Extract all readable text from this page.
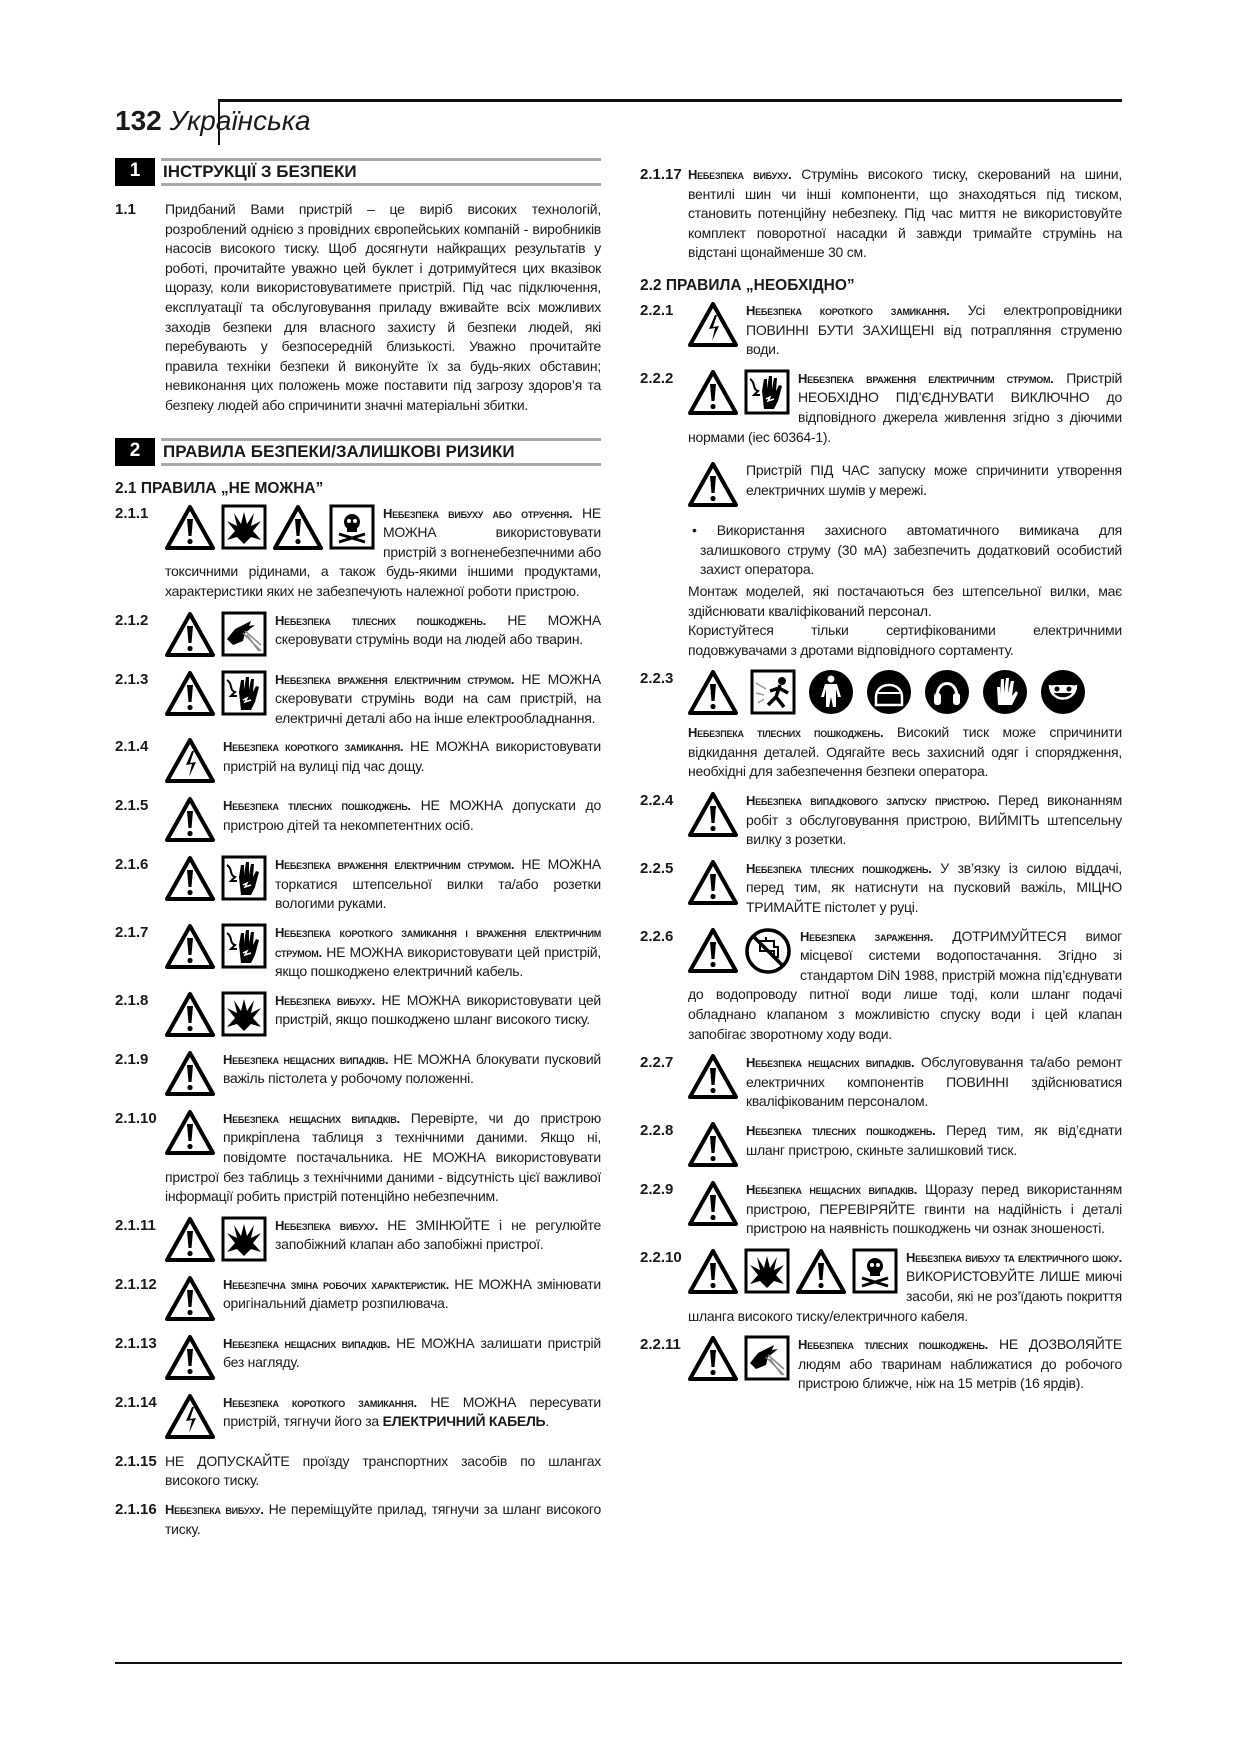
132 Українська
1	ІНСТРУКЦІЇ З БЕЗПЕКИ
1.1 Придбаний Вами пристрій – це виріб високих технологій, розроблений однією з провідних європейських компаній - виробників насосів високого тиску. Щоб досягнути найкращих результатів у роботі, прочитайте уважно цей буклет і дотримуйтеся цих вказівок щоразу, коли використовуватимете пристрій. Під час підключення, експлуатації та обслуговування приладу вживайте всіх можливих заходів безпеки для власного захисту й безпеки людей, які перебувають у безпосередній близькості. Уважно прочитайте правила техніки безпеки й виконуйте їх за будь-яких обставин; невиконання цих положень може поставити під загрозу здоров’я та безпеку людей або спричинити значні матеріальні збитки.
2	ПРАВИЛА БЕЗПЕКИ/ЗАЛИШКОВІ РИЗИКИ
2.1 ПРАВИЛА „НЕ МОЖНА”
2.1.1	Небезпека вибуху або отруєння. НЕ МОЖНА використовувати пристрій з вогненебезпечними або токсичними рідинами, а також будь-якими іншими продуктами, характеристики яких не забезпечують належної роботи пристрою.
2.1.2	Небезпека тілесних пошкоджень. НЕ МОЖНА скеровувати струмінь води на людей або тварин.
2.1.3	Небезпека враження електричним струмом. НЕ МОЖНА скеровувати струмінь води на сам пристрій, на електричні деталі або на інше електрообладнання.
2.1.4	Небезпека короткого замикання. НЕ МОЖНА використовувати пристрій на вулиці під час дощу.
2.1.5	Небезпека тілесних пошкоджень. НЕ МОЖНА допускати до пристрою дітей та некомпетентних осіб.
2.1.6	Небезпека враження електричним струмом. НЕ МОЖНА торкатися штепсельної вилки та/або розетки вологими руками.
2.1.7	Небезпека короткого замикання і враження електричним струмом. НЕ МОЖНА використовувати цей пристрій, якщо пошкоджено електричний кабель.
2.1.8	Небезпека вибуху. НЕ МОЖНА використовувати цей пристрій, якщо пошкоджено шланг високого тиску.
2.1.9	Небезпека нещасних випадків. НЕ МОЖНА блокувати пусковий важіль пістолета у робочому положенні.
2.1.10	Небезпека нещасних випадків. Перевірте, чи до пристрою прикріплена таблиця з технічними даними. Якщо ні, повідомте постачальника. НЕ МОЖНА використовувати пристрої без таблиць з технічними даними - відсутність цієї важливої інформації робить пристрій потенційно небезпечним.
2.1.11	Небезпека вибуху. НЕ ЗМІНЮЙТЕ і не регулюйте запобіжний клапан або запобіжні пристрої.
2.1.12	Небезпечна зміна робочих характеристик. НЕ МОЖНА змінювати оригінальний діаметр розпилювача.
2.1.13	Небезпека нещасних випадків. НЕ МОЖНА залишати пристрій без нагляду.
2.1.14	Небезпека короткого замикання. НЕ МОЖНА пересувати пристрій, тягнучи його за ЕЛЕКТРИЧНИЙ КАБЕЛЬ.
2.1.15 НЕ ДОПУСКАЙТЕ проїзду транспортних засобів по шлангах високого тиску.
2.1.16 Небезпека вибуху. Не переміщуйте прилад, тягнучи за шланг високого тиску.
2.1.17 Небезпека вибуху. Струмінь високого тиску, скерований на шини, вентилі шин чи інші компоненти, що знаходяться під тиском, становить потенційну небезпеку. Під час миття не використовуйте комплект поворотної насадки й завжди тримайте струмінь на відстані щонайменше 30 см.
2.2 ПРАВИЛА „НЕОБХІДНО”
2.2.1	Небезпека короткого замикання. Усі електропровідники ПОВИННІ БУТИ ЗАХИЩЕНІ від потрапляння струменю води.
2.2.2	Небезпека враження електричним струмом. Пристрій НЕОБХІДНО ПІД’ЄДНУВАТИ ВИКЛЮЧНО до відповідного джерела живлення згідно з діючими нормами (iec 60364-1).
Пристрій ПІД ЧАС запуску може спричинити утворення електричних шумів у мережі.
• Використання захисного автоматичного вимикача для залишкового струму (30 мА) забезпечить додатковий особистий захист оператора.

Монтаж моделей, які постачаються без штепсельної вилки, має здійснювати кваліфікований персонал.

Користуйтеся тільки сертифікованими електричними подовжувачами з дротами відповідного сортаменту.

2.2.3
Небезпека тілесних пошкоджень. Високий тиск може спричинити відкидання деталей. Одягайте весь захисний одяг і спорядження, необхідні для забезпечення безпеки оператора.
2.2.4	Небезпека випадкового запуску пристрою. Перед виконанням робіт з обслуговування пристрою, ВИЙМІТЬ штепсельну вилку з розетки.
2.2.5	Небезпека тілесних пошкоджень. У зв’язку із силою віддачі, перед тим, як натиснути на пусковий важіль, МІЦНО ТРИМАЙТЕ пістолет у руці.
2.2.6	Небезпека зараження. ДОТРИМУЙТЕСЯ вимог місцевої системи водопостачання. Згідно зі стандартом DiN 1988, пристрій можна під’єднувати до водопроводу питної води лише тоді, коли шланг подачі обладнано клапаном з можливістю спуску води і цей клапан запобігає зворотному ходу води.
2.2.7	Небезпека нещасних випадків. Обслуговування та/або ремонт електричних компонентів ПОВИННІ здійснюватися кваліфікованим персоналом.
2.2.8	Небезпека тілесних пошкоджень. Перед тим, як від’єднати шланг пристрою, скиньте залишковий тиск.
2.2.9	Небезпека нещасних випадків. Щоразу перед використанням пристрою, ПЕРЕВІРЯЙТЕ гвинти на надійність і деталі пристрою на наявність пошкоджень чи ознак зношеності.
2.2.10	Небезпека вибуху та електричного шоку. ВИКОРИСТОВУЙТЕ ЛИШЕ миючі засоби, які не роз’їдають покриття шланга високого тиску/електричного кабеля.
2.2.11	Небезпека тілесних пошкоджень. НЕ ДОЗВОЛЯЙТЕ людям або тваринам наближатися до робочого пристрою ближче, ніж на 15 метрів (16 ярдів).
